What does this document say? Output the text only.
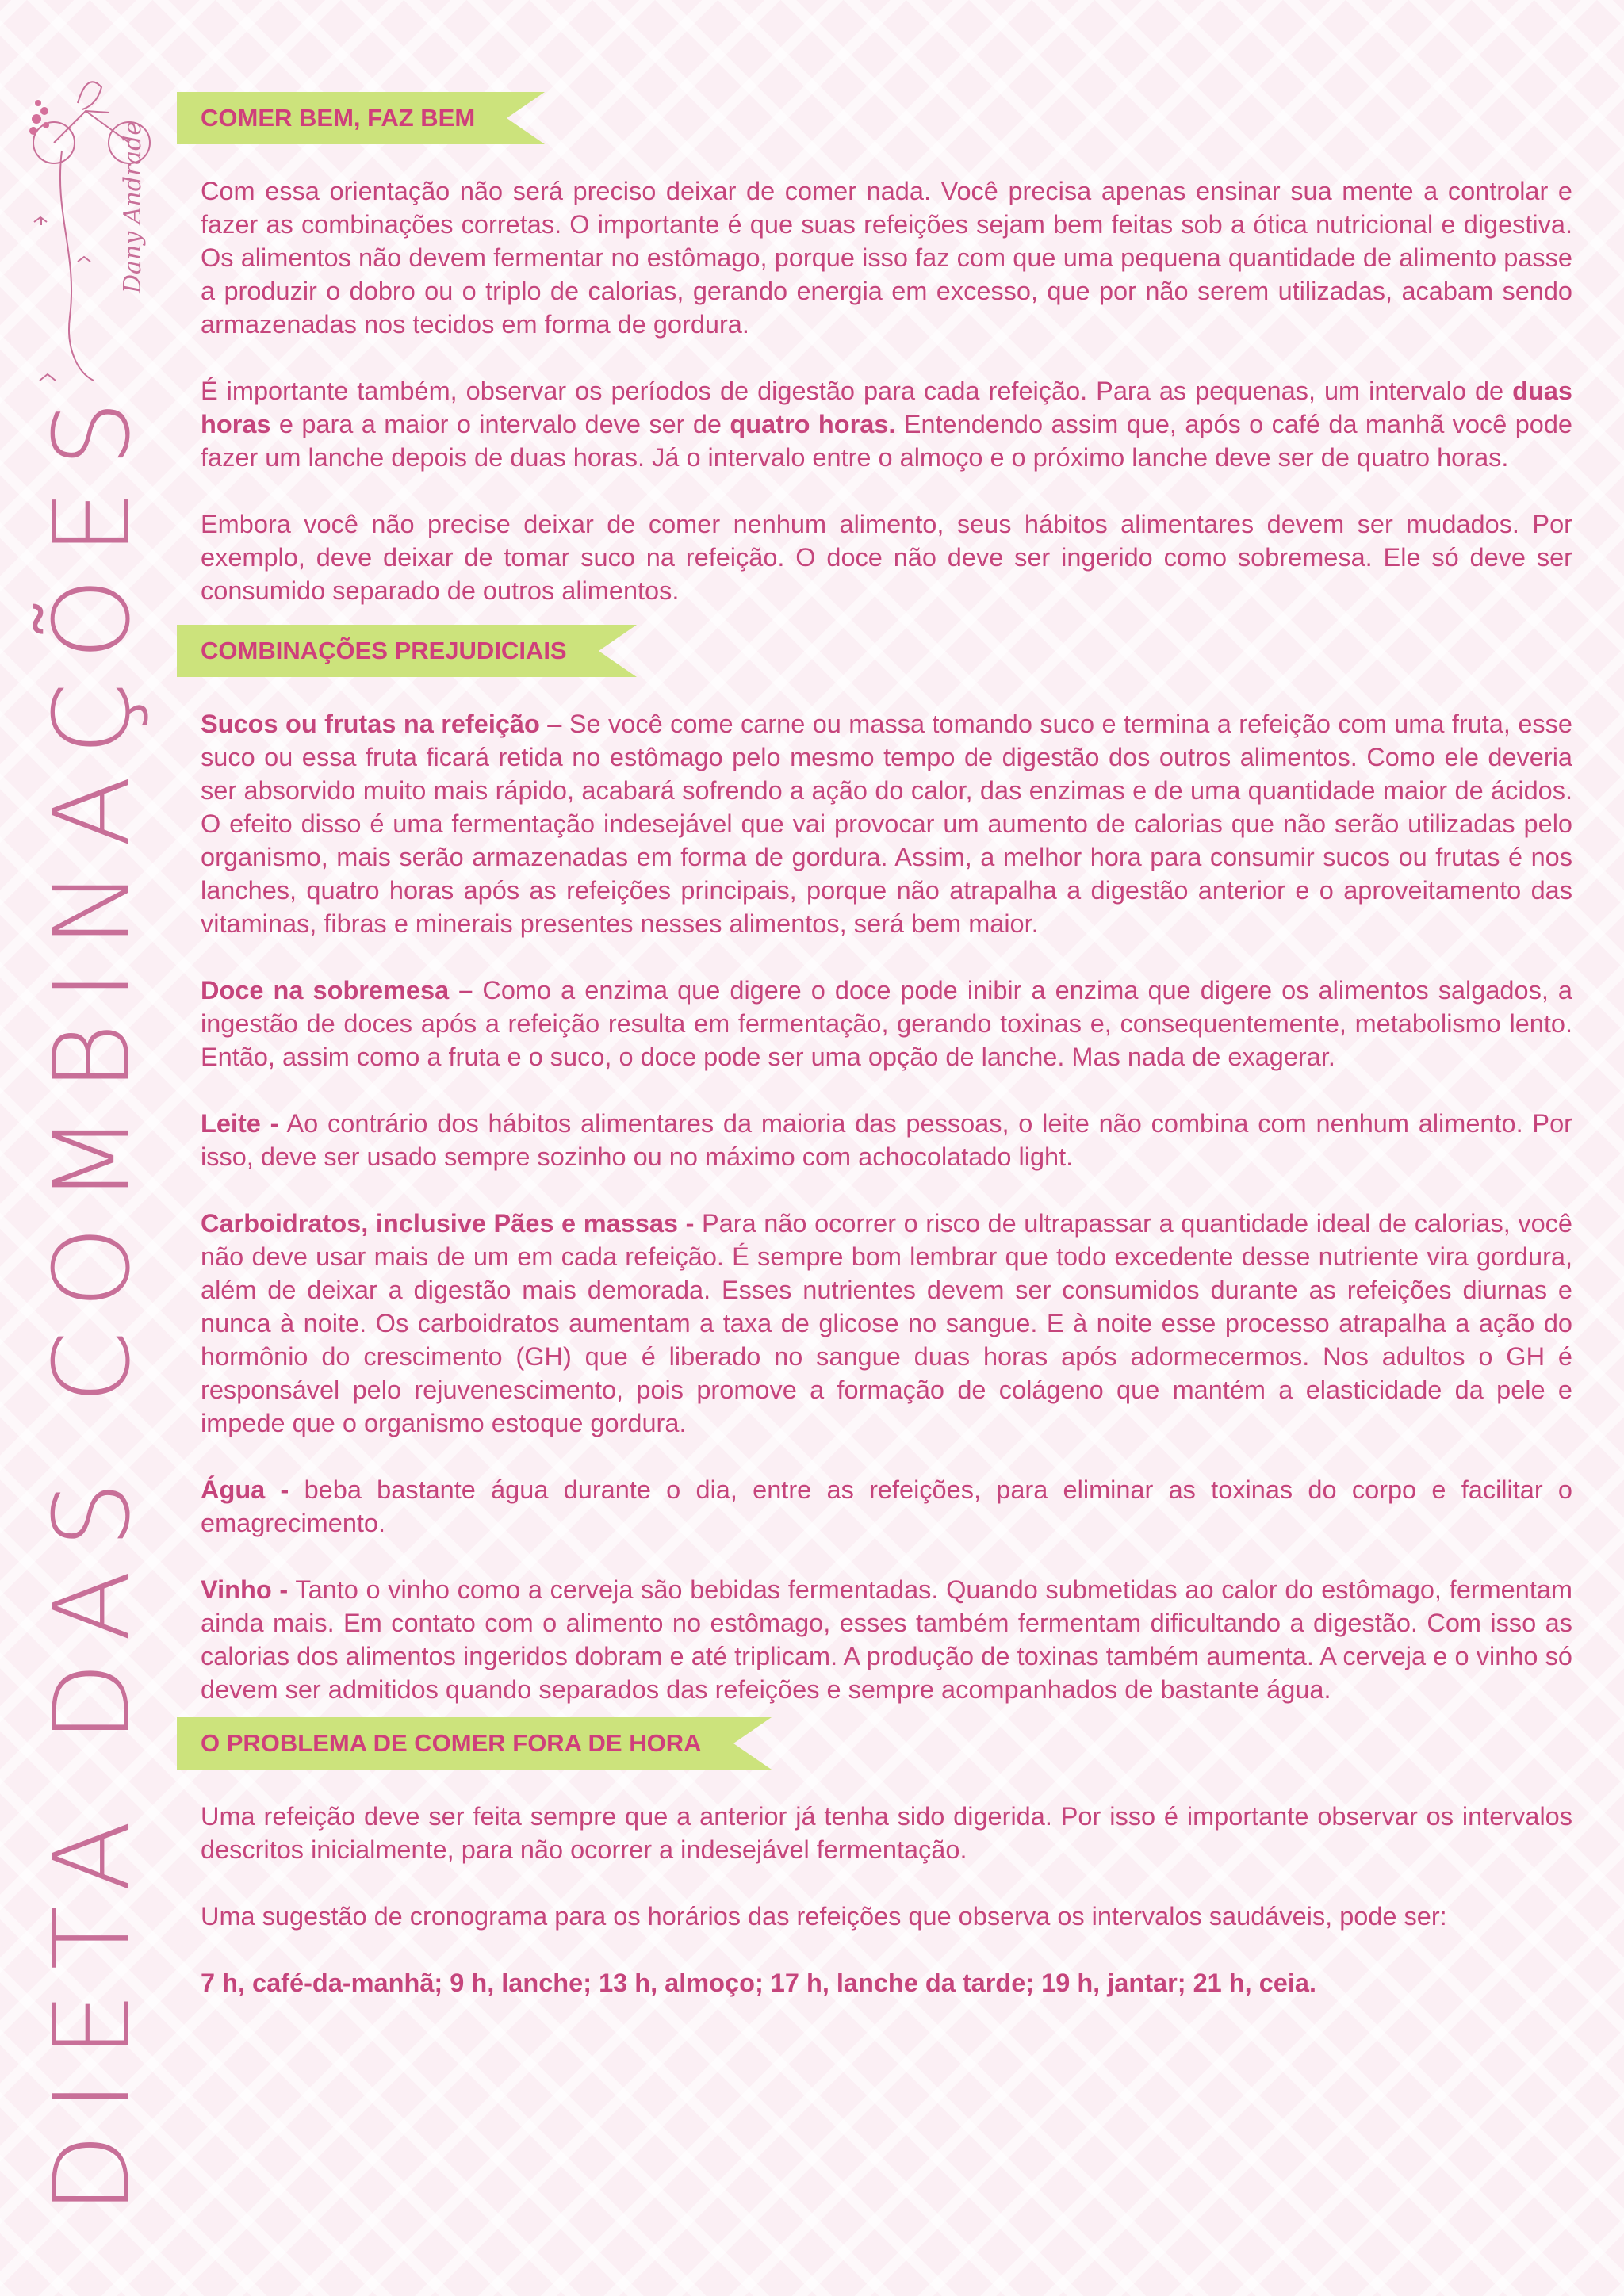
Dany Andrade
DIETA DAS COMBINAÇÕES
COMER BEM, FAZ BEM

Com essa orientação não será preciso deixar de comer nada. Você precisa apenas ensinar sua mente a controlar e fazer as combinações corretas. O importante é que suas refeições sejam bem feitas sob a ótica nutricional e digestiva. Os alimentos não devem fermentar no estômago, porque isso faz com que uma pequena quantidade de alimento passe a produzir o dobro ou o triplo de calorias, gerando energia em excesso, que por não serem utilizadas, acabam sendo armazenadas nos tecidos em forma de gordura.

É importante também, observar os períodos de digestão para cada refeição. Para as pequenas, um intervalo de duas horas e para a maior o intervalo deve ser de quatro horas. Entendendo assim que, após o café da manhã você pode fazer um lanche depois de duas horas. Já o intervalo entre o almoço e o próximo lanche deve ser de quatro horas.

Embora você não precise deixar de comer nenhum alimento, seus hábitos alimentares devem ser mudados. Por exemplo, deve deixar de tomar suco na refeição. O doce não deve ser ingerido como sobremesa. Ele só deve ser consumido separado de outros alimentos.

COMBINAÇÕES PREJUDICIAIS

Sucos ou frutas na refeição – Se você come carne ou massa tomando suco e termina a refeição com uma fruta, esse suco ou essa fruta ficará retida no estômago pelo mesmo tempo de digestão dos outros alimentos. Como ele deveria ser absorvido muito mais rápido, acabará sofrendo a ação do calor, das enzimas e de uma quantidade maior de ácidos. O efeito disso é uma fermentação indesejável que vai provocar um aumento de calorias que não serão utilizadas pelo organismo, mais serão armazenadas em forma de gordura. Assim, a melhor hora para consumir sucos ou frutas é nos lanches, quatro horas após as refeições principais, porque não atrapalha a digestão anterior e o aproveitamento das vitaminas, fibras e minerais presentes nesses alimentos, será bem maior.

Doce na sobremesa – Como a enzima que digere o doce pode inibir a enzima que digere os alimentos salgados, a ingestão de doces após a refeição resulta em fermentação, gerando toxinas e, consequentemente, metabolismo lento. Então, assim como a fruta e o suco, o doce pode ser uma opção de lanche. Mas nada de exagerar.

Leite - Ao contrário dos hábitos alimentares da maioria das pessoas, o leite não combina com nenhum alimento. Por isso, deve ser usado sempre sozinho ou no máximo com achocolatado light.

Carboidratos, inclusive Pães e massas - Para não ocorrer o risco de ultrapassar a quantidade ideal de calorias, você não deve usar mais de um em cada refeição. É sempre bom lembrar que todo excedente desse nutriente vira gordura, além de deixar a digestão mais demorada. Esses nutrientes devem ser consumidos durante as refeições diurnas e nunca à noite. Os carboidratos aumentam a taxa de glicose no sangue. E à noite esse processo atrapalha a ação do hormônio do crescimento (GH) que é liberado no sangue duas horas após adormecermos. Nos adultos o GH é responsável pelo rejuvenescimento, pois promove a formação de colágeno que mantém a elasticidade da pele e impede que o organismo estoque gordura.

Água - beba bastante água durante o dia, entre as refeições, para eliminar as toxinas do corpo e facilitar o emagrecimento.

Vinho - Tanto o vinho como a cerveja são bebidas fermentadas. Quando submetidas ao calor do estômago, fermentam ainda mais. Em contato com o alimento no estômago, esses também fermentam dificultando a digestão. Com isso as calorias dos alimentos ingeridos dobram e até triplicam. A produção de toxinas também aumenta. A cerveja e o vinho só devem ser admitidos quando separados das refeições e sempre acompanhados de bastante água.

O PROBLEMA DE COMER FORA DE HORA

Uma refeição deve ser feita sempre que a anterior já tenha sido digerida. Por isso é importante observar os intervalos descritos inicialmente, para não ocorrer a indesejável fermentação.

Uma sugestão de cronograma para os horários das refeições que observa os intervalos saudáveis, pode ser:

7 h, café-da-manhã; 9 h, lanche; 13 h, almoço; 17 h, lanche da tarde; 19 h, jantar; 21 h, ceia.
